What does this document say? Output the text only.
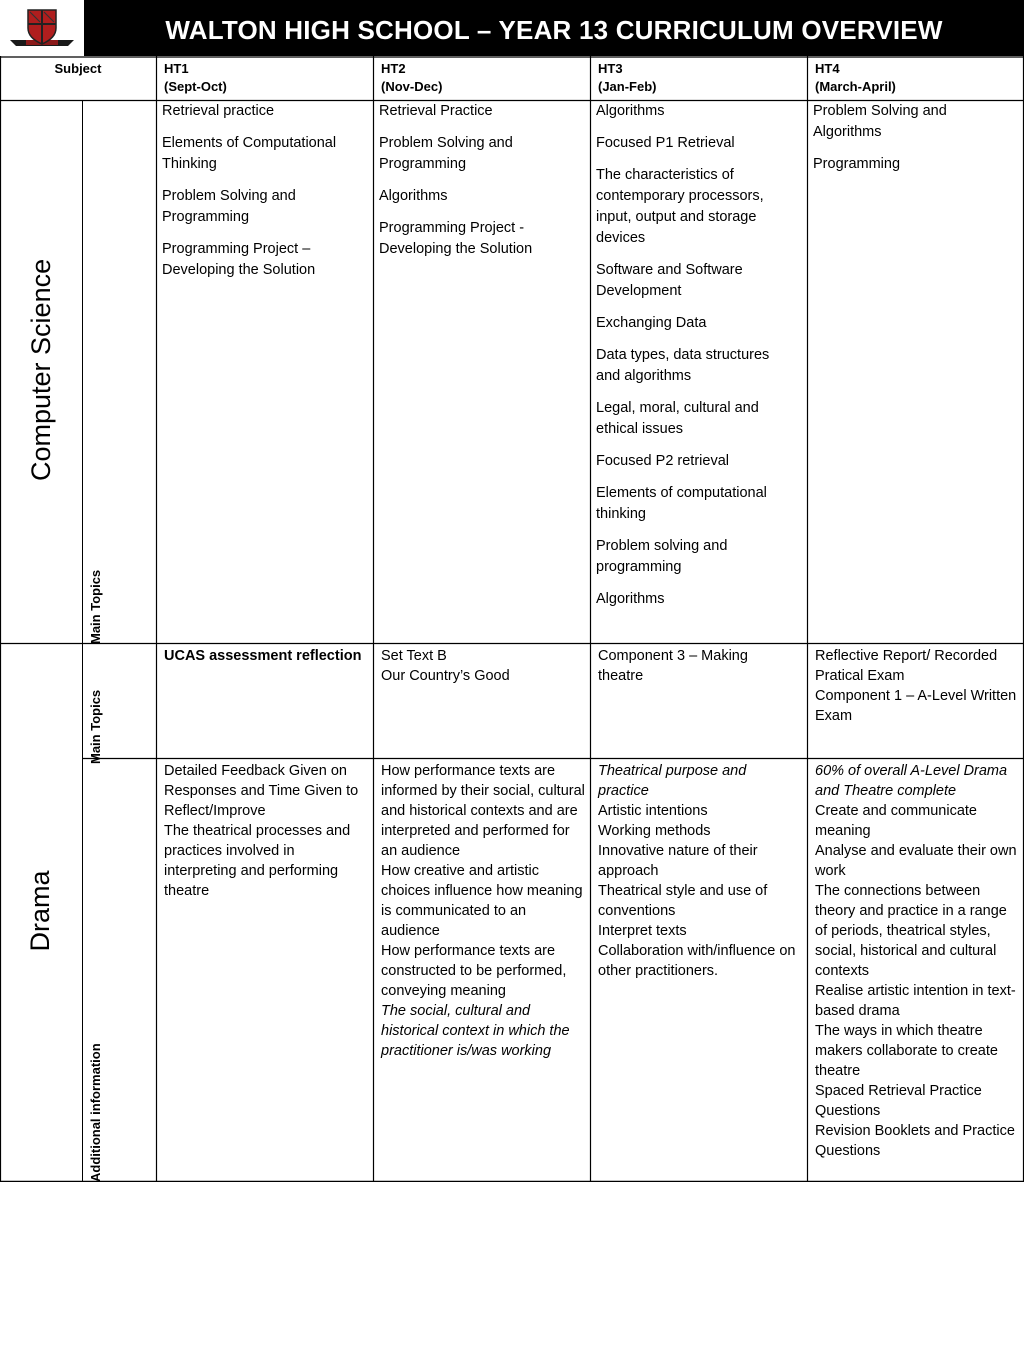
WALTON HIGH SCHOOL – YEAR 13 CURRICULUM OVERVIEW
Subject	HT1
(Sept-Oct)
HT2
(Nov-Dec)
HT3
(Jan-Feb)
HT4
(March-April)
Computer Science
Main Topics

Retrieval practice

Elements of Computational Thinking

Problem Solving and Programming

Programming Project – Developing the Solution

Retrieval Practice

Problem Solving and Programming

Algorithms

Programming Project - Developing the Solution

Algorithms

Focused P1 Retrieval

The characteristics of contemporary processors, input, output and storage devices

Software and Software Development

Exchanging Data

Data types, data structures and algorithms

Legal, moral, cultural and ethical issues

Focused P2 retrieval

Elements of computational thinking

Problem solving and programming

Algorithms

Problem Solving and Algorithms

Programming

Drama
Main Topics
Additional information
UCAS assessment reflection	Set Text B
Our Country’s Good
Component 3 – Making theatre
Reflective Report/ Recorded Pratical Exam
Component 1 – A-Level Written Exam
Detailed Feedback Given on Responses and Time Given to Reflect/Improve
The theatrical processes and practices involved in interpreting and performing theatre
How performance texts are informed by their social, cultural and historical contexts and are interpreted and performed for an audience
How creative and artistic choices influence how meaning is communicated to an audience
How performance texts are constructed to be performed, conveying meaning
The social, cultural and historical context in which the practitioner is/was working
Theatrical purpose and practice
Artistic intentions
Working methods
Innovative nature of their approach
Theatrical style and use of conventions
Interpret texts
Collaboration with/influence on other practitioners.
60% of overall A-Level Drama and Theatre complete
Create and communicate meaning
Analyse and evaluate their own work
The connections between theory and practice in a range of periods, theatrical styles, social, historical and cultural contexts
Realise artistic intention in text-based drama
The ways in which theatre makers collaborate to create theatre
Spaced Retrieval Practice Questions
Revision Booklets and Practice Questions
